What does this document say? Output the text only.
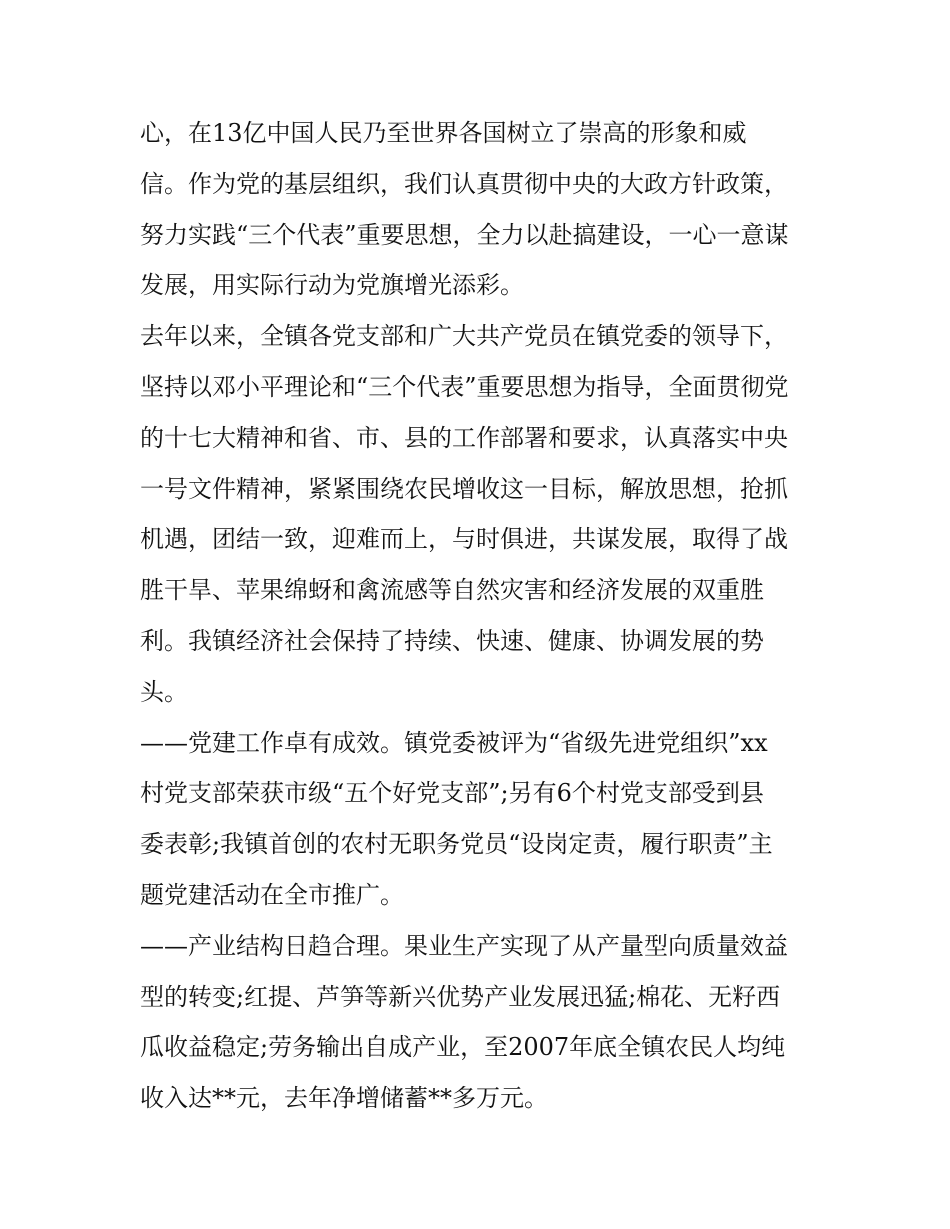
心，在13亿中国人民乃至世界各国树立了崇高的形象和威

信。作为党的基层组织，我们认真贯彻中央的大政方针政策，

努力实践“三个代表”重要思想，全力以赴搞建设，一心一意谋

发展，用实际行动为党旗增光添彩。

去年以来，全镇各党支部和广大共产党员在镇党委的领导下，

坚持以邓小平理论和“三个代表”重要思想为指导，全面贯彻党

的十七大精神和省、市、县的工作部署和要求，认真落实中央

一号文件精神，紧紧围绕农民增收这一目标，解放思想，抢抓

机遇，团结一致，迎难而上，与时俱进，共谋发展，取得了战

胜干旱、苹果绵蚜和禽流感等自然灾害和经济发展的双重胜

利。我镇经济社会保持了持续、快速、健康、协调发展的势

头。

——党建工作卓有成效。镇党委被评为“省级先进党组织”xx

村党支部荣获市级“五个好党支部”;另有6个村党支部受到县

委表彰;我镇首创的农村无职务党员“设岗定责，履行职责”主

题党建活动在全市推广。

——产业结构日趋合理。果业生产实现了从产量型向质量效益

型的转变;红提、芦笋等新兴优势产业发展迅猛;棉花、无籽西

瓜收益稳定;劳务输出自成产业，至2007年底全镇农民人均纯

收入达**元，去年净增储蓄**多万元。
